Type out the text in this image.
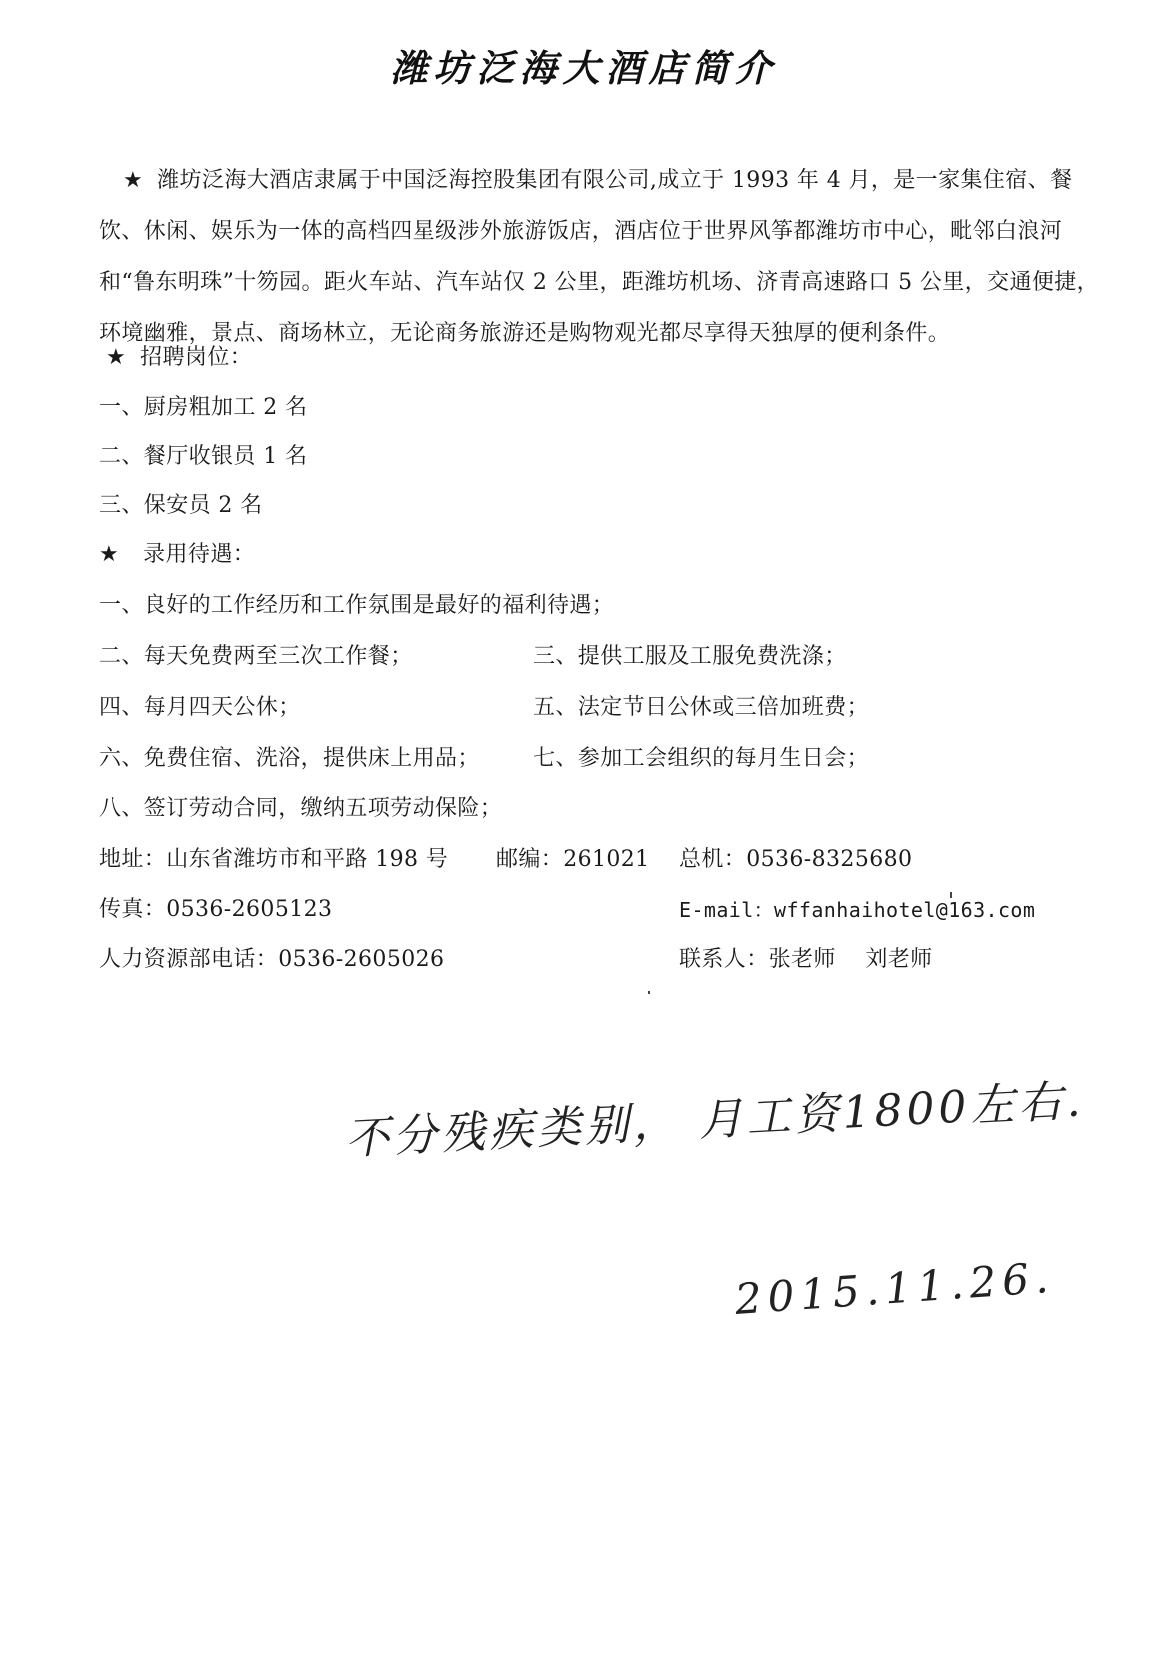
潍坊泛海大酒店简介
★ 潍坊泛海大酒店隶属于中国泛海控股集团有限公司,成立于 1993 年 4 月，是一家集住宿、餐饮、休闲、娱乐为一体的高档四星级涉外旅游饭店，酒店位于世界风筝都潍坊市中心，毗邻白浪河和“鲁东明珠”十笏园。距火车站、汽车站仅 2 公里，距潍坊机场、济青高速路口 5 公里，交通便捷，环境幽雅，景点、商场林立，无论商务旅游还是购物观光都尽享得天独厚的便利条件。
★ 招聘岗位：
一、厨房粗加工 2 名
二、餐厅收银员 1 名
三、保安员 2 名
★ 录用待遇：
一、良好的工作经历和工作氛围是最好的福利待遇；
二、每天免费两至三次工作餐；	三、提供工服及工服免费洗涤；
四、每月四天公休；	五、法定节日公休或三倍加班费；
六、免费住宿、洗浴，提供床上用品； 七、参加工会组织的每月生日会；
八、签订劳动合同，缴纳五项劳动保险；
地址：山东省潍坊市和平路 198 号 邮编：261021 总机：0536-8325680
传真：0536-2605123	E-mail：wffanhaihotel@163.com
人力资源部电话：0536-2605026	联系人：张老师    刘老师
不分残疾类别， 月工资1800左右.
2015.11.26.
